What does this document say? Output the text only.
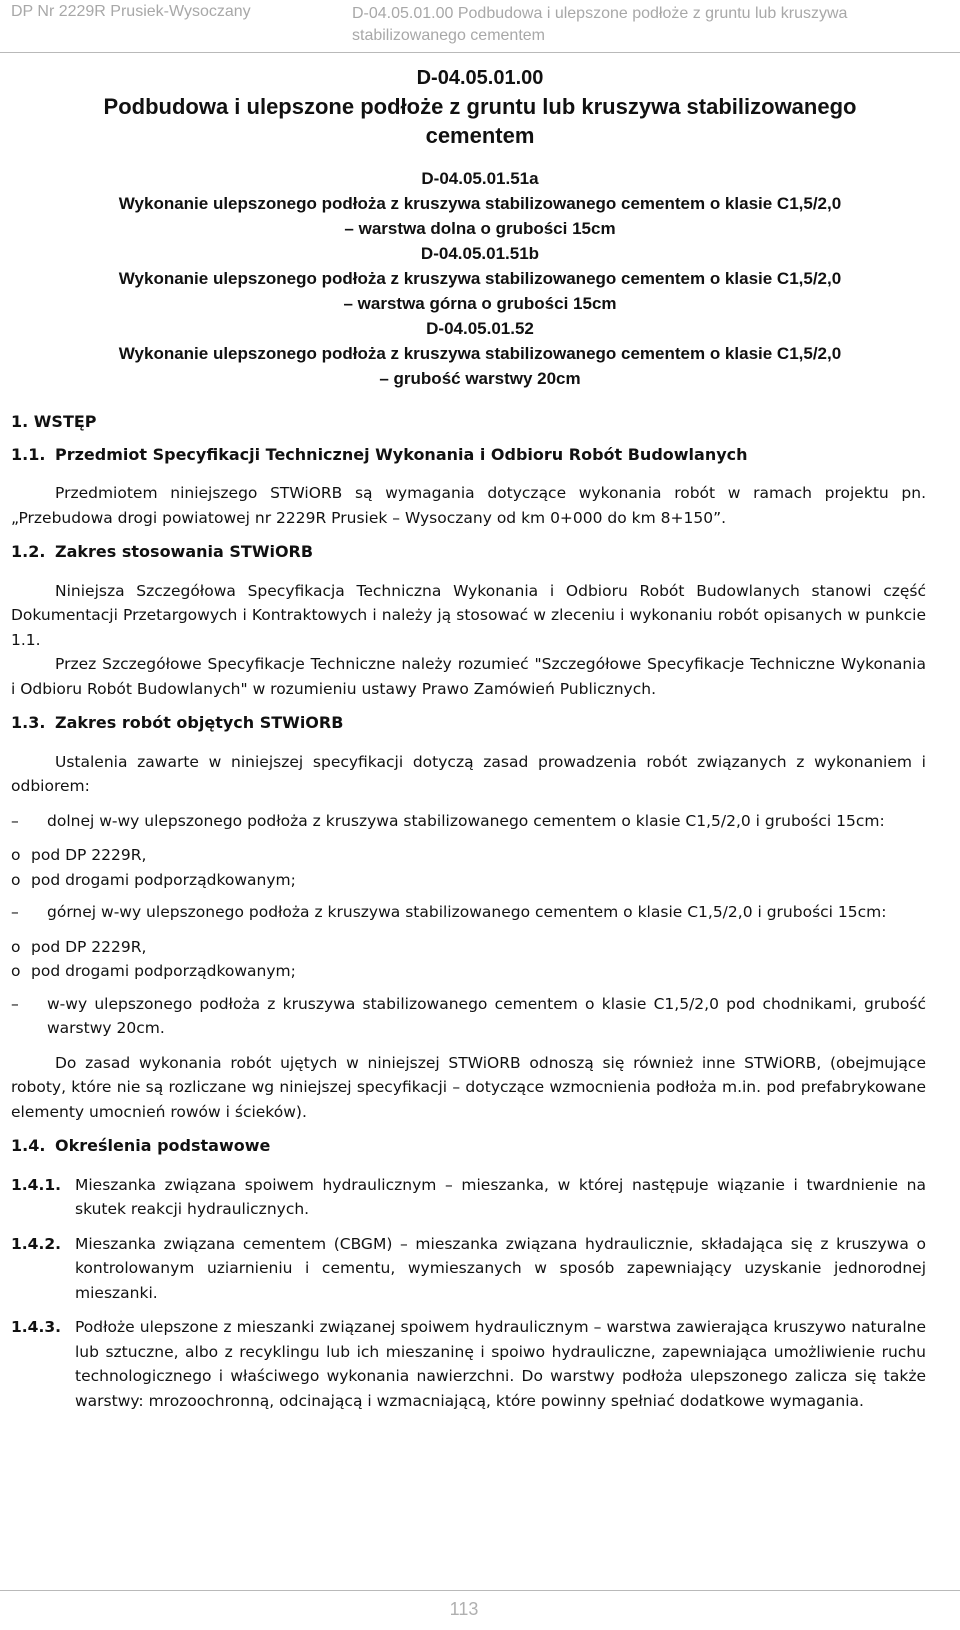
DP Nr 2229R Prusiek-Wysoczany	D-04.05.01.00 Podbudowa i ulepszone podłoże z gruntu lub kruszywa
stabilizowanego cementem
D-04.05.01.00
Podbudowa i ulepszone podłoże z gruntu lub kruszywa stabilizowanego
cementem
D-04.05.01.51a
Wykonanie ulepszonego podłoża z kruszywa stabilizowanego cementem o klasie C1,5/2,0
– warstwa dolna o grubości 15cm
D-04.05.01.51b
Wykonanie ulepszonego podłoża z kruszywa stabilizowanego cementem o klasie C1,5/2,0
– warstwa górna o grubości 15cm
D-04.05.01.52
Wykonanie ulepszonego podłoża z kruszywa stabilizowanego cementem o klasie C1,5/2,0
– grubość warstwy 20cm
1. WSTĘP
1.1. Przedmiot Specyfikacji Technicznej Wykonania i Odbioru Robót Budowlanych

Przedmiotem niniejszego STWiORB są wymagania dotyczące wykonania robót w ramach projektu pn. „Przebudowa drogi powiatowej nr 2229R Prusiek – Wysoczany od km 0+000 do km 8+150”.

1.2. Zakres stosowania STWiORB

Niniejsza Szczegółowa Specyfikacja Techniczna Wykonania i Odbioru Robót Budowlanych stanowi część Dokumentacji Przetargowych i Kontraktowych i należy ją stosować w zleceniu i wykonaniu robót opisanych w punkcie 1.1.

Przez Szczegółowe Specyfikacje Techniczne należy rozumieć "Szczegółowe Specyfikacje Techniczne Wykonania i Odbioru Robót Budowlanych" w rozumieniu ustawy Prawo Zamówień Publicznych.

1.3. Zakres robót objętych STWiORB

Ustalenia zawarte w niniejszej specyfikacji dotyczą zasad prowadzenia robót związanych z wykonaniem i odbiorem:

– dolnej w-wy ulepszonego podłoża z kruszywa stabilizowanego cementem o klasie C1,5/2,0 i grubości 15cm:
o pod DP 2229R,
o pod drogami podporządkowanym;
– górnej w-wy ulepszonego podłoża z kruszywa stabilizowanego cementem o klasie C1,5/2,0 i grubości 15cm:
o pod DP 2229R,
o pod drogami podporządkowanym;
– w-wy ulepszonego podłoża z kruszywa stabilizowanego cementem o klasie C1,5/2,0 pod chodnikami, grubość warstwy 20cm.

Do zasad wykonania robót ujętych w niniejszej STWiORB odnoszą się również inne STWiORB, (obejmujące roboty, które nie są rozliczane wg niniejszej specyfikacji – dotyczące wzmocnienia podłoża m.in. pod prefabrykowane elementy umocnień rowów i ścieków).

1.4. Określenia podstawowe
1.4.1. Mieszanka związana spoiwem hydraulicznym – mieszanka, w której następuje wiązanie i twardnienie na skutek reakcji hydraulicznych.
1.4.2. Mieszanka związana cementem (CBGM) – mieszanka związana hydraulicznie, składająca się z kruszywa o kontrolowanym uziarnieniu i cementu, wymieszanych w sposób zapewniający uzyskanie jednorodnej mieszanki.
1.4.3. Podłoże ulepszone z mieszanki związanej spoiwem hydraulicznym – warstwa zawierająca kruszywo naturalne lub sztuczne, albo z recyklingu lub ich mieszaninę i spoiwo hydrauliczne, zapewniająca umożliwienie ruchu technologicznego i właściwego wykonania nawierzchni. Do warstwy podłoża ulepszonego zalicza się także warstwy: mrozoochronną, odcinającą i wzmacniającą, które powinny spełniać dodatkowe wymagania.
113
